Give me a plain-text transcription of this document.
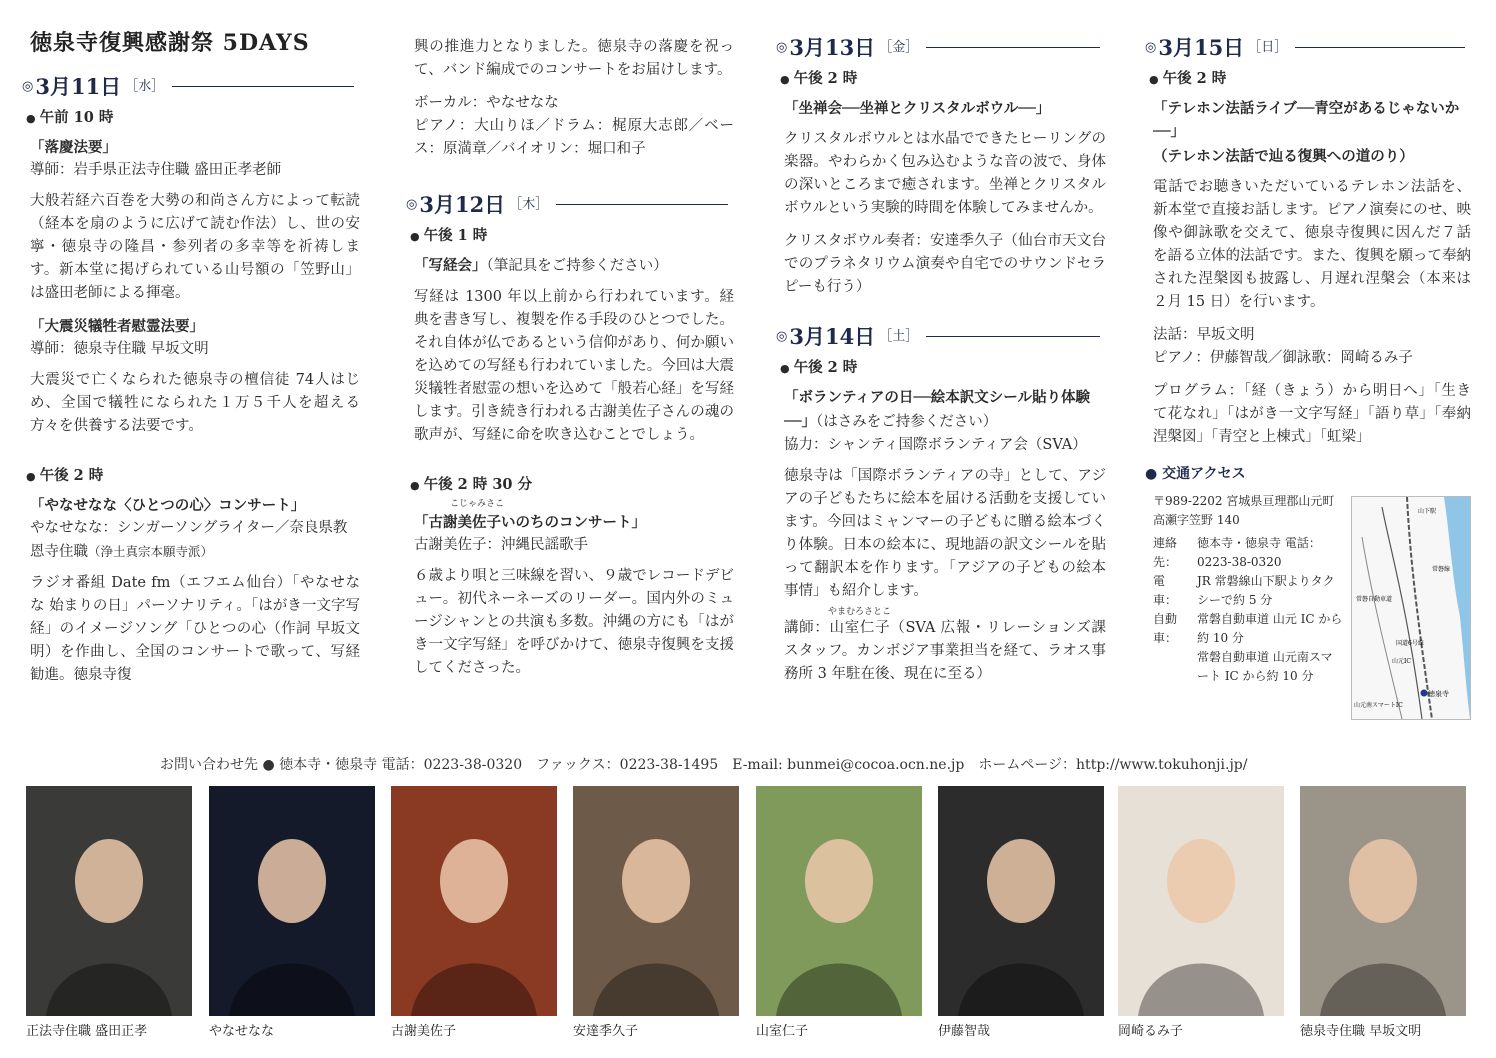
徳泉寺復興感謝祭 5DAYS
◎ 3月11日 ［水］
● 午前 10 時
「落慶法要」
導師：岩手県正法寺住職 盛田正孝老師

大般若経六百巻を大勢の和尚さん方によって転読（経本を扇のように広げて読む作法）し、世の安寧・徳泉寺の隆昌・参列者の多幸等を祈祷します。新本堂に掲げられている山号額の「笠野山」は盛田老師による揮毫。

「大震災犠牲者慰霊法要」
導師：徳泉寺住職 早坂文明

大震災で亡くなられた徳泉寺の檀信徒 74人はじめ、全国で犠牲になられた１万５千人を超える方々を供養する法要です。

● 午後 2 時
「やなせなな〈ひとつの心〉コンサート」
やなせなな：シンガーソングライター／奈良県教恩寺住職（浄土真宗本願寺派）

ラジオ番組 Date fm（エフエム仙台）「やなせなな 始まりの日」パーソナリティ。「はがき一文字写経」のイメージソング「ひとつの心（作詞 早坂文明）を作曲し、全国のコンサートで歌って、写経勧進。徳泉寺復

興の推進力となりました。徳泉寺の落慶を祝って、バンド編成でのコンサートをお届けします。

ボーカル：やなせなな

ピアノ：大山りほ／ドラム：梶原大志郎／ベース：原満章／バイオリン：堀口和子

◎ 3月12日 ［木］
● 午後 1 時
「写経会」（筆記具をご持参ください）

写経は 1300 年以上前から行われています。経典を書き写し、複製を作る手段のひとつでした。それ自体が仏であるという信仰があり、何か願いを込めての写経も行われていました。今回は大震災犠牲者慰霊の想いを込めて「般若心経」を写経します。引き続き行われる古謝美佐子さんの魂の歌声が、写経に命を吹き込むことでしょう。

● 午後 2 時 30 分
こじゃみさこ
「古謝美佐子いのちのコンサート」
古謝美佐子：沖縄民謡歌手

６歳より唄と三味線を習い、９歳でレコードデビュー。初代ネーネーズのリーダー。国内外のミュージシャンとの共演も多数。沖縄の方にも「はがき一文字写経」を呼びかけて、徳泉寺復興を支援してくださった。

◎ 3月13日 ［金］
● 午後 2 時
「坐禅会──坐禅とクリスタルボウル──」

クリスタルボウルとは水晶でできたヒーリングの楽器。やわらかく包み込むような音の波で、身体の深いところまで癒されます。坐禅とクリスタルボウルという実験的時間を体験してみませんか。

クリスタボウル奏者：安達季久子（仙台市天文台でのプラネタリウム演奏や自宅でのサウンドセラピーも行う）

◎ 3月14日 ［土］
● 午後 2 時
「ボランティアの日──絵本訳文シール貼り体験──」（はさみをご持参ください）
協力：シャンティ国際ボランティア会（SVA）

徳泉寺は「国際ボランティアの寺」として、アジアの子どもたちに絵本を届ける活動を支援しています。今回はミャンマーの子どもに贈る絵本づくり体験。日本の絵本に、現地語の訳文シールを貼って翻訳本を作ります。「アジアの子どもの絵本事情」も紹介します。

やまむろさとこ

講師：山室仁子（SVA 広報・リレーションズ課スタッフ。カンボジア事業担当を経て、ラオス事務所 3 年駐在後、現在に至る）

◎ 3月15日 ［日］
● 午後 2 時
「テレホン法話ライブ──青空があるじゃないか──」
（テレホン法話で辿る復興への道のり）

電話でお聴きいただいているテレホン法話を、新本堂で直接お話します。ピアノ演奏にのせ、映像や御詠歌を交えて、徳泉寺復興に因んだ７話を語る立体的法話です。また、復興を願って奉納された涅槃図も披露し、月遅れ涅槃会（本来は２月 15 日）を行います。

法話：早坂文明

ピアノ：伊藤智哉／御詠歌：岡崎るみ子

プログラム：「経（きょう）から明日へ」「生きて花なれ」「はがき一文字写経」「語り草」「奉納涅槃図」「青空と上棟式」「虹梁」

● 交通アクセス
〒989-2202 宮城県亘理郡山元町高瀬字笠野 140
連絡先：
徳本寺・徳泉寺 電話：0223-38-0320
電　車：
JR 常磐線山下駅よりタクシーで約 5 分
自動車：
常磐自動車道 山元 IC から約 10 分
常磐自動車道 山元南スマート IC から約 10 分
山下駅
常磐線
国道6号線
山元IC
徳泉寺
常磐自動車道
山元南スマートIC
お問い合わせ先 ● 徳本寺・徳泉寺 電話：0223-38-0320　ファックス：0223-38-1495　E-mail: bunmei@cocoa.ocn.ne.jp　ホームページ：http://www.tokuhonji.jp/
正法寺住職 盛田正孝	やなせなな	古謝美佐子	安達季久子	山室仁子	伊藤智哉	岡崎るみ子	徳泉寺住職 早坂文明
